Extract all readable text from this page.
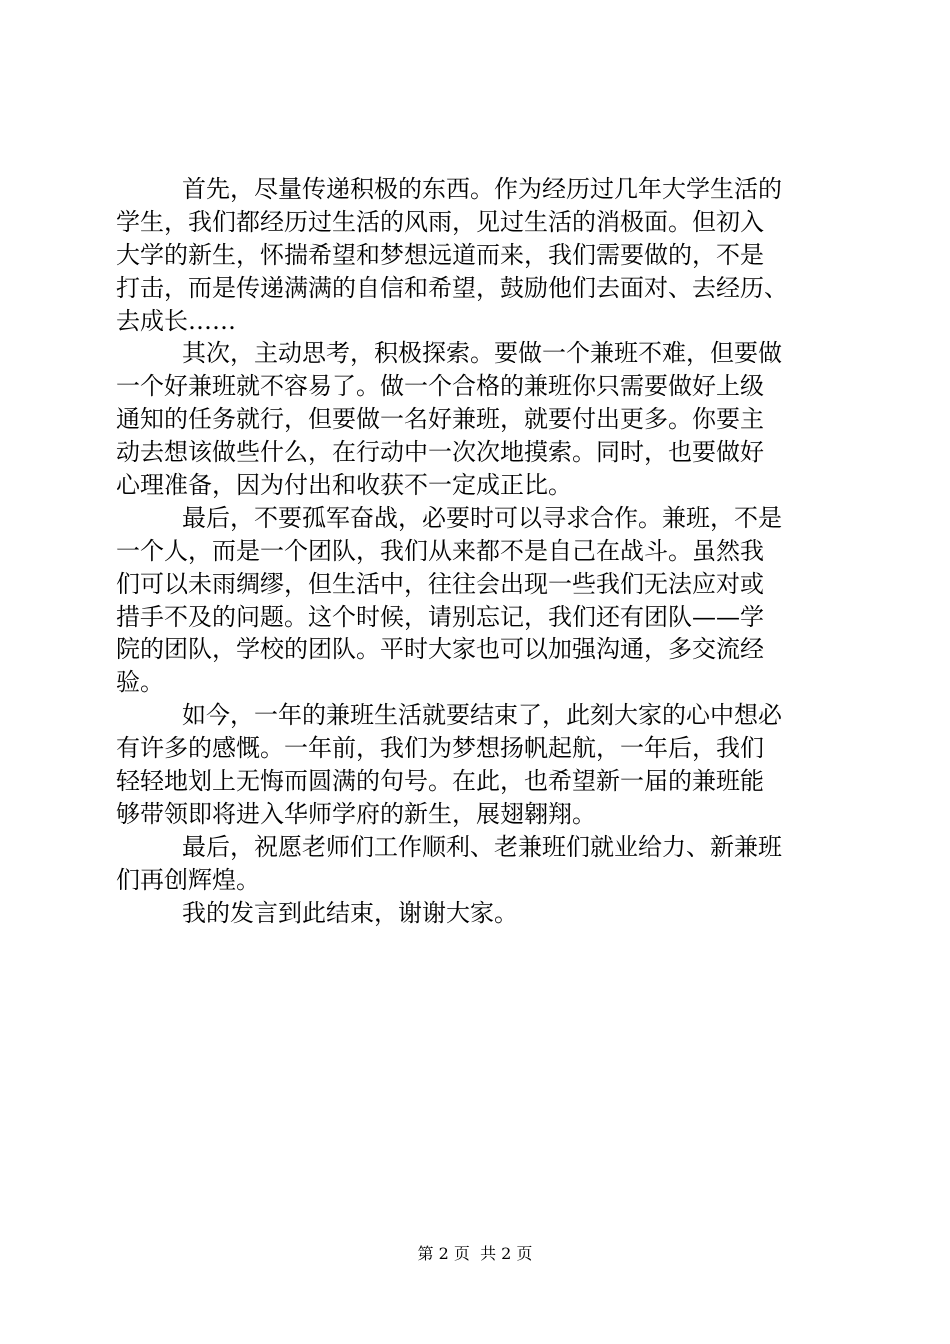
首先，尽量传递积极的东西。作为经历过几年大学生活的
学生，我们都经历过生活的风雨，见过生活的消极面。但初入
大学的新生，怀揣希望和梦想远道而来，我们需要做的，不是
打击，而是传递满满的自信和希望，鼓励他们去面对、去经历、
去成长……
其次，主动思考，积极探索。要做一个兼班不难，但要做
一个好兼班就不容易了。做一个合格的兼班你只需要做好上级
通知的任务就行，但要做一名好兼班，就要付出更多。你要主
动去想该做些什么，在行动中一次次地摸索。同时，也要做好
心理准备，因为付出和收获不一定成正比。
最后，不要孤军奋战，必要时可以寻求合作。兼班，不是
一个人，而是一个团队，我们从来都不是自己在战斗。虽然我
们可以未雨绸缪，但生活中，往往会出现一些我们无法应对或
措手不及的问题。这个时候，请别忘记，我们还有团队——学
院的团队，学校的团队。平时大家也可以加强沟通，多交流经
验。
如今，一年的兼班生活就要结束了，此刻大家的心中想必
有许多的感慨。一年前，我们为梦想扬帆起航，一年后，我们
轻轻地划上无悔而圆满的句号。在此，也希望新一届的兼班能
够带领即将进入华师学府的新生，展翅翱翔。
最后，祝愿老师们工作顺利、老兼班们就业给力、新兼班
们再创辉煌。
我的发言到此结束，谢谢大家。
第 2 页  共 2 页
